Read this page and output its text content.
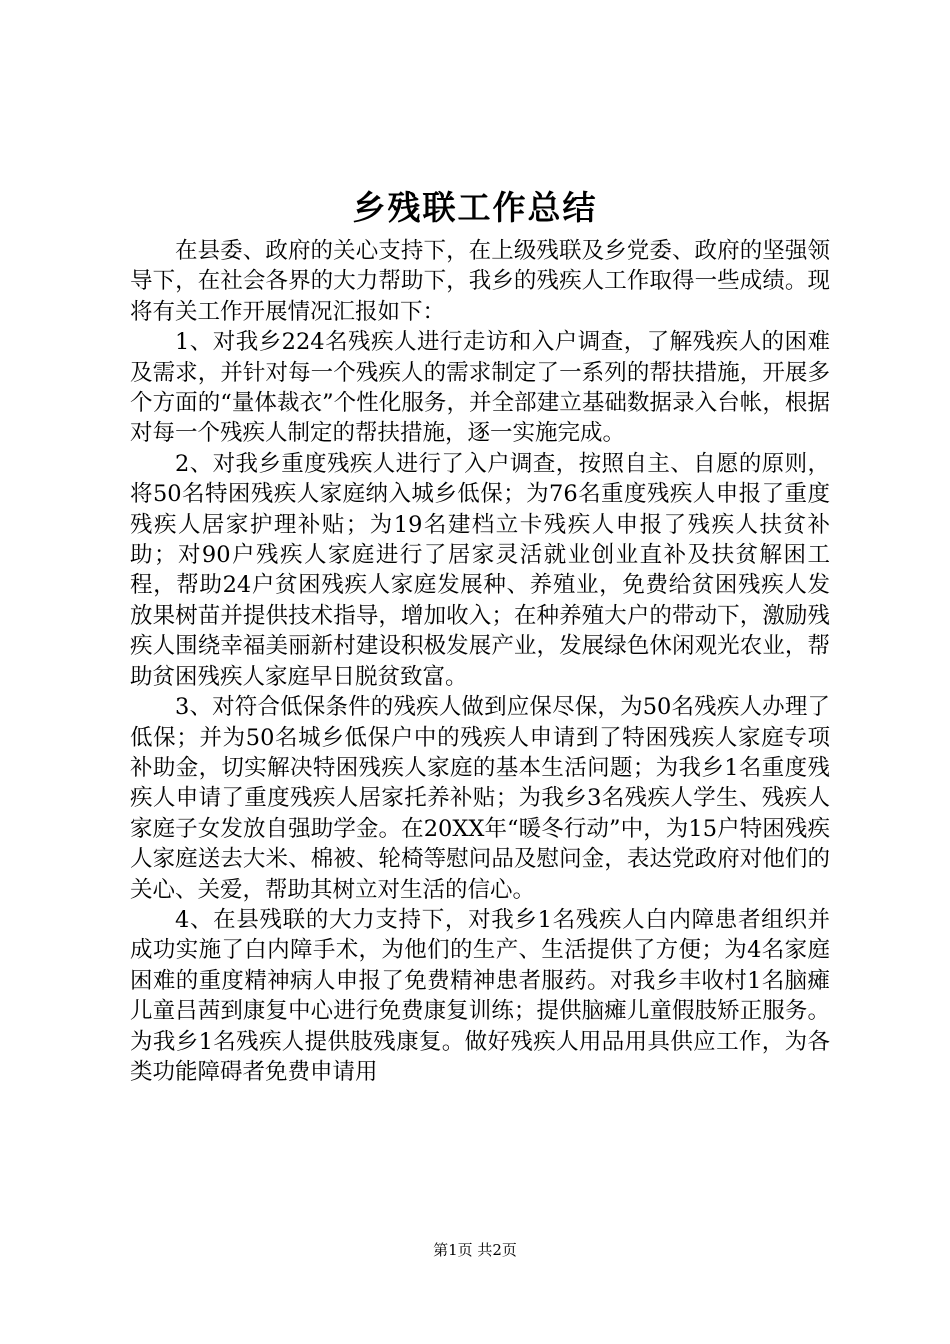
乡残联工作总结

在县委、政府的关心支持下，在上级残联及乡党委、政府的坚强领导下，在社会各界的大力帮助下，我乡的残疾人工作取得一些成绩。现将有关工作开展情况汇报如下：

1、对我乡224名残疾人进行走访和入户调查，了解残疾人的困难及需求，并针对每一个残疾人的需求制定了一系列的帮扶措施，开展多个方面的“量体裁衣”个性化服务，并全部建立基础数据录入台帐，根据对每一个残疾人制定的帮扶措施，逐一实施完成。

2、对我乡重度残疾人进行了入户调查，按照自主、自愿的原则，将50名特困残疾人家庭纳入城乡低保；为76名重度残疾人申报了重度残疾人居家护理补贴；为19名建档立卡残疾人申报了残疾人扶贫补助；对90户残疾人家庭进行了居家灵活就业创业直补及扶贫解困工程，帮助24户贫困残疾人家庭发展种、养殖业，免费给贫困残疾人发放果树苗并提供技术指导，增加收入；在种养殖大户的带动下，激励残疾人围绕幸福美丽新村建设积极发展产业，发展绿色休闲观光农业，帮助贫困残疾人家庭早日脱贫致富。

3、对符合低保条件的残疾人做到应保尽保，为50名残疾人办理了低保；并为50名城乡低保户中的残疾人申请到了特困残疾人家庭专项补助金，切实解决特困残疾人家庭的基本生活问题；为我乡1名重度残疾人申请了重度残疾人居家托养补贴；为我乡3名残疾人学生、残疾人家庭子女发放自强助学金。在20XX年“暖冬行动”中，为15户特困残疾人家庭送去大米、棉被、轮椅等慰问品及慰问金，表达党政府对他们的关心、关爱，帮助其树立对生活的信心。

4、在县残联的大力支持下，对我乡1名残疾人白内障患者组织并成功实施了白内障手术，为他们的生产、生活提供了方便；为4名家庭困难的重度精神病人申报了免费精神患者服药。对我乡丰收村1名脑瘫儿童吕茜到康复中心进行免费康复训练；提供脑瘫儿童假肢矫正服务。为我乡1名残疾人提供肢残康复。做好残疾人用品用具供应工作，为各类功能障碍者免费申请用

第1页 共2页
